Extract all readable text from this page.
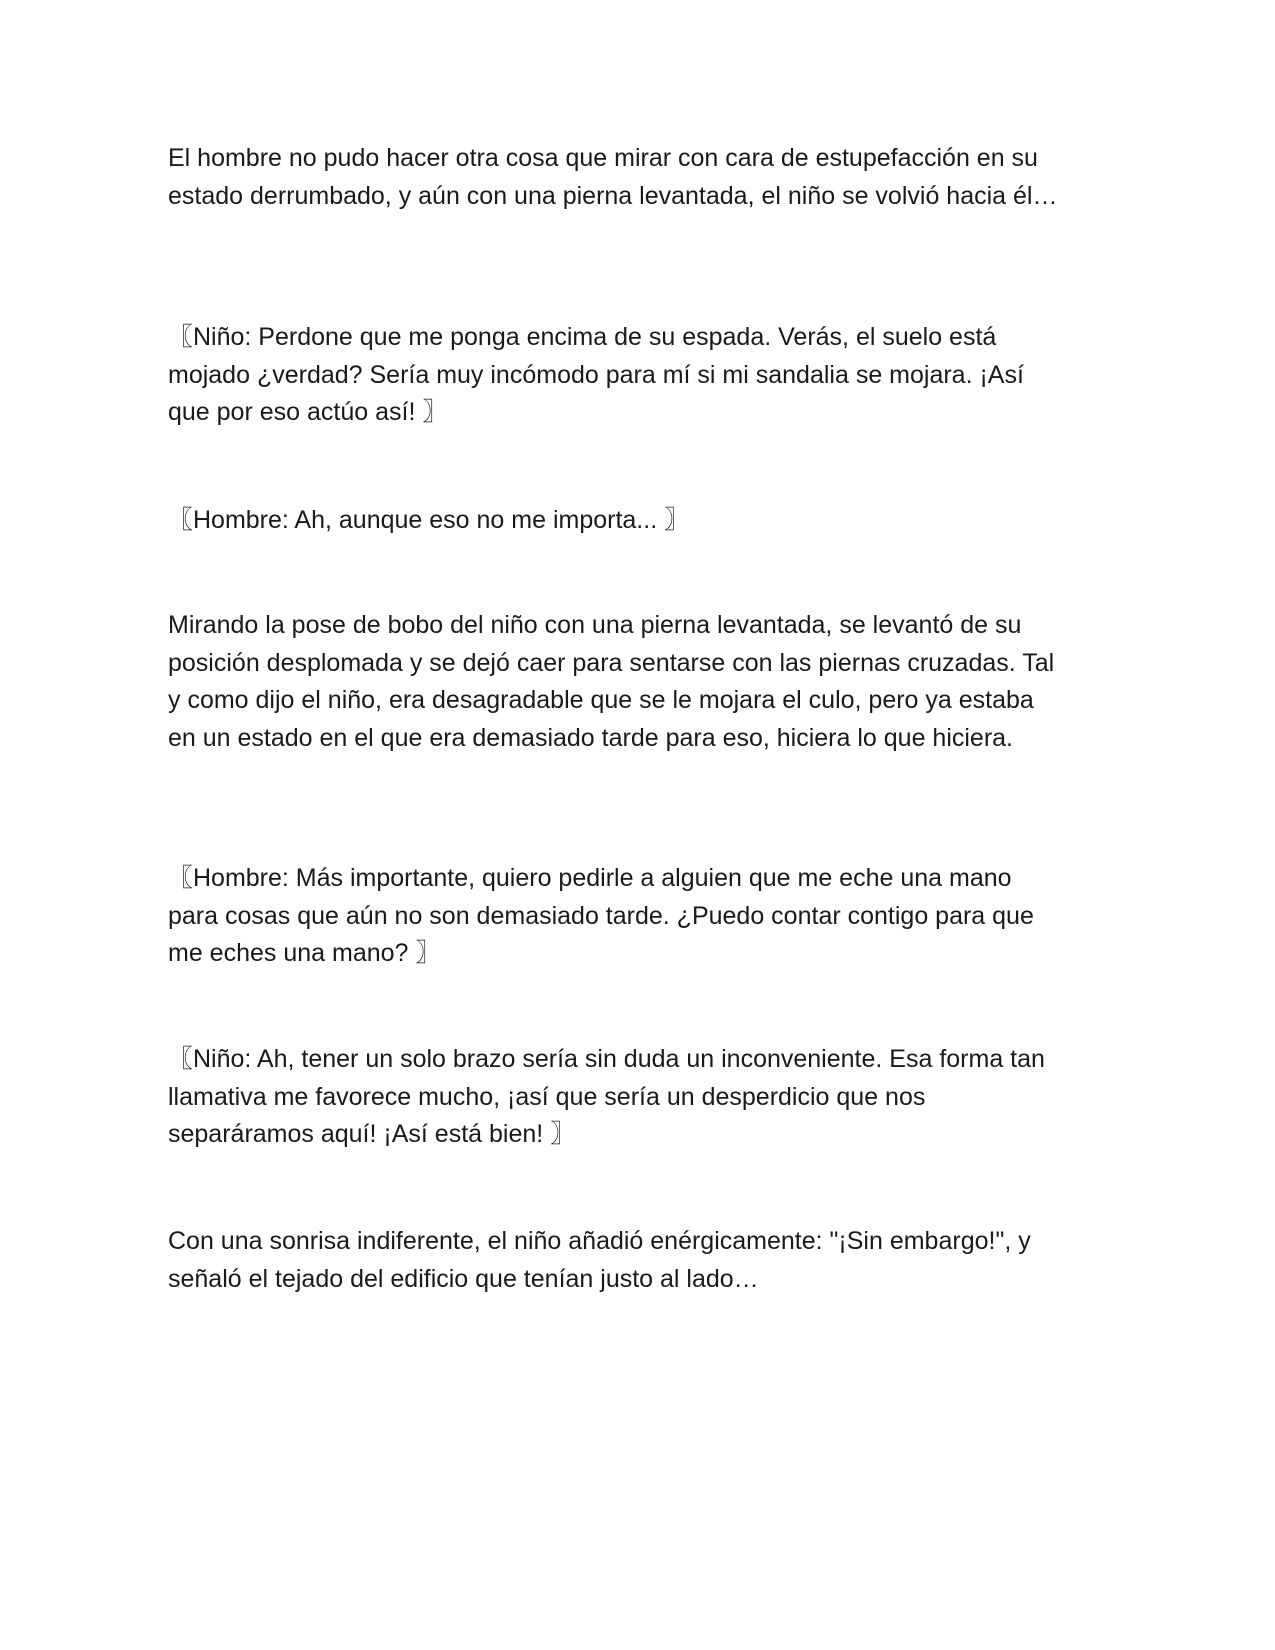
El hombre no pudo hacer otra cosa que mirar con cara de estupefacción en su estado derrumbado, y aún con una pierna levantada, el niño se volvió hacia él…

〖Niño: Perdone que me ponga encima de su espada. Verás, el suelo está mojado ¿verdad? Sería muy incómodo para mí si mi sandalia se mojara. ¡Así que por eso actúo así! 〗

〖Hombre: Ah, aunque eso no me importa... 〗

Mirando la pose de bobo del niño con una pierna levantada, se levantó de su posición desplomada y se dejó caer para sentarse con las piernas cruzadas. Tal y como dijo el niño, era desagradable que se le mojara el culo, pero ya estaba en un estado en el que era demasiado tarde para eso, hiciera lo que hiciera.

〖Hombre: Más importante, quiero pedirle a alguien que me eche una mano para cosas que aún no son demasiado tarde. ¿Puedo contar contigo para que me eches una mano? 〗

〖Niño: Ah, tener un solo brazo sería sin duda un inconveniente. Esa forma tan llamativa me favorece mucho, ¡así que sería un desperdicio que nos separáramos aquí! ¡Así está bien! 〗

Con una sonrisa indiferente, el niño añadió enérgicamente: "¡Sin embargo!", y señaló el tejado del edificio que tenían justo al lado…
